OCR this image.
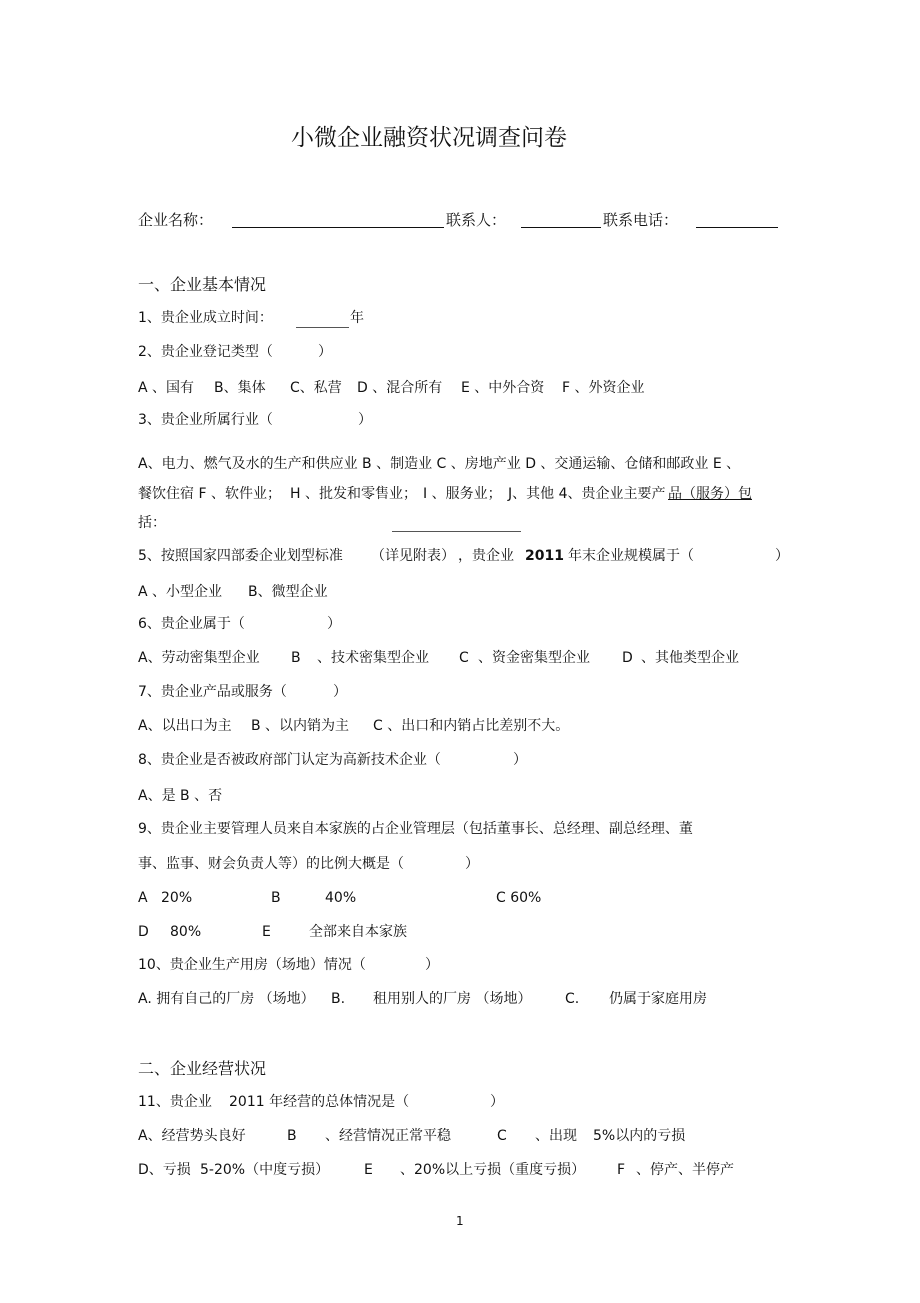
小微企业融资状况调查问卷
企业名称：	联系人：	联系电话：
一、企业基本情况
1、贵企业成立时间：	年
2、贵企业登记类型（	）
A 、国有 B、集体 C、私营 D 、混合所有 E 、中外合资 F 、外资企业
3、贵企业所属行业（	）
A、电力、燃气及水的生产和供应业 B 、制造业 C 、房地产业 D 、交通运输、仓储和邮政业 E 、
餐饮住宿 F 、软件业； H 、批发和零售业； I 、服务业； J、其他 4、贵企业主要产 品（服务）包
括：
5、按照国家四部委企业划型标准 （详见附表） ，贵企业 2011 年末企业规模属于（	）
A 、小型企业 B、微型企业
6、贵企业属于（	）
A、劳动密集型企业 B 、技术密集型企业 C 、资金密集型企业 D 、其他类型企业
7、贵企业产品或服务（	）
A、以出口为主 B 、以内销为主 C 、出口和内销占比差别不大。
8、贵企业是否被政府部门认定为高新技术企业（	）
A、是 B 、否
9、贵企业主要管理人员来自本家族的占企业管理层（包括董事长、总经理、副总经理、董
事、监事、财会负责人等）的比例大概是（	）
A 20%	B	40%	C 60%
D 80%	E	全部来自本家族
10、贵企业生产用房（场地）情况（	）
A. 拥有自己的厂房 （场地） B. 租用别人的厂房 （场地） C. 仍属于家庭用房
二、企业经营状况
11、贵企业 2011 年经营的总体情况是（	）
A、经营势头良好	B 、经营情况正常平稳	C 、出现 5%以内的亏损
D、亏损 5-20%（中度亏损） E 、20%以上亏损（重度亏损） F 、停产、半停产
1
